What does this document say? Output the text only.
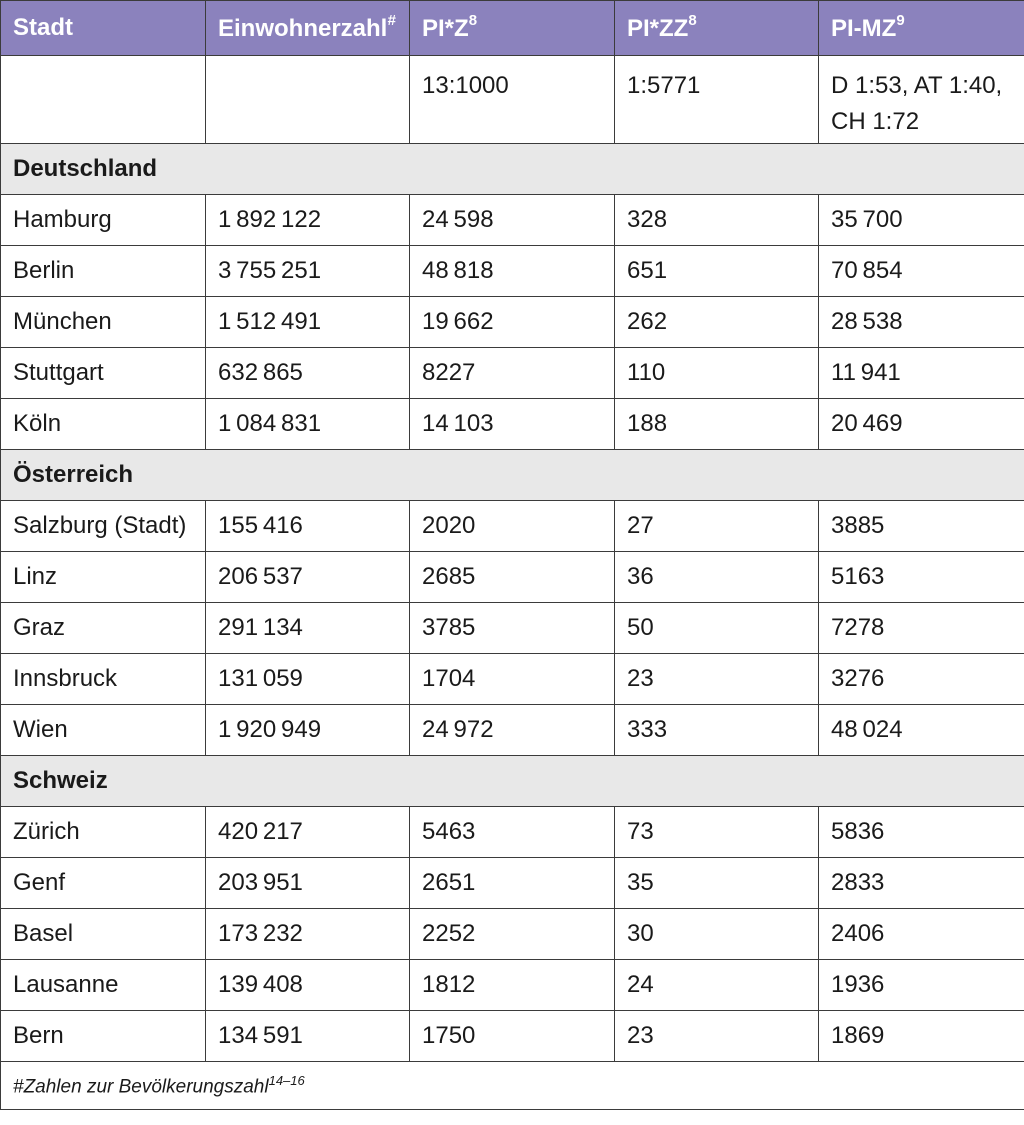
Stadt	Einwohnerzahl#	$PI*Z^8$	$PI*ZZ^8$	$PI-MZ^9$
		13:1000	1:5771	D 1:53, AT 1:40, CH 1:72
Deutschland				
Hamburg	1 892 122	24 598	328	35 700
Berlin	3 755 251	48 818	651	70 854
München	1 512 491	19 662	262	28 538
Stuttgart	632 865	8227	110	11 941
Köln	1 084 831	14 103	188	20 469
Österreich				
Salzburg (Stadt)	155 416	2020	27	3885
Linz	206 537	2685	36	5163
Graz	291 134	3785	50	7278
Innsbruck	131 059	1704	23	3276
Wien	1 920 949	24 972	333	48 024
Schweiz				
Zürich	420 217	5463	73	5836
Genf	203 951	2651	35	2833
Basel	173 232	2252	30	2406
Lausanne	139 408	1812	24	1936
Bern	134 591	1750	23	1869
#Zahlen zur Bevölkerungszahl$^{14-16}$
